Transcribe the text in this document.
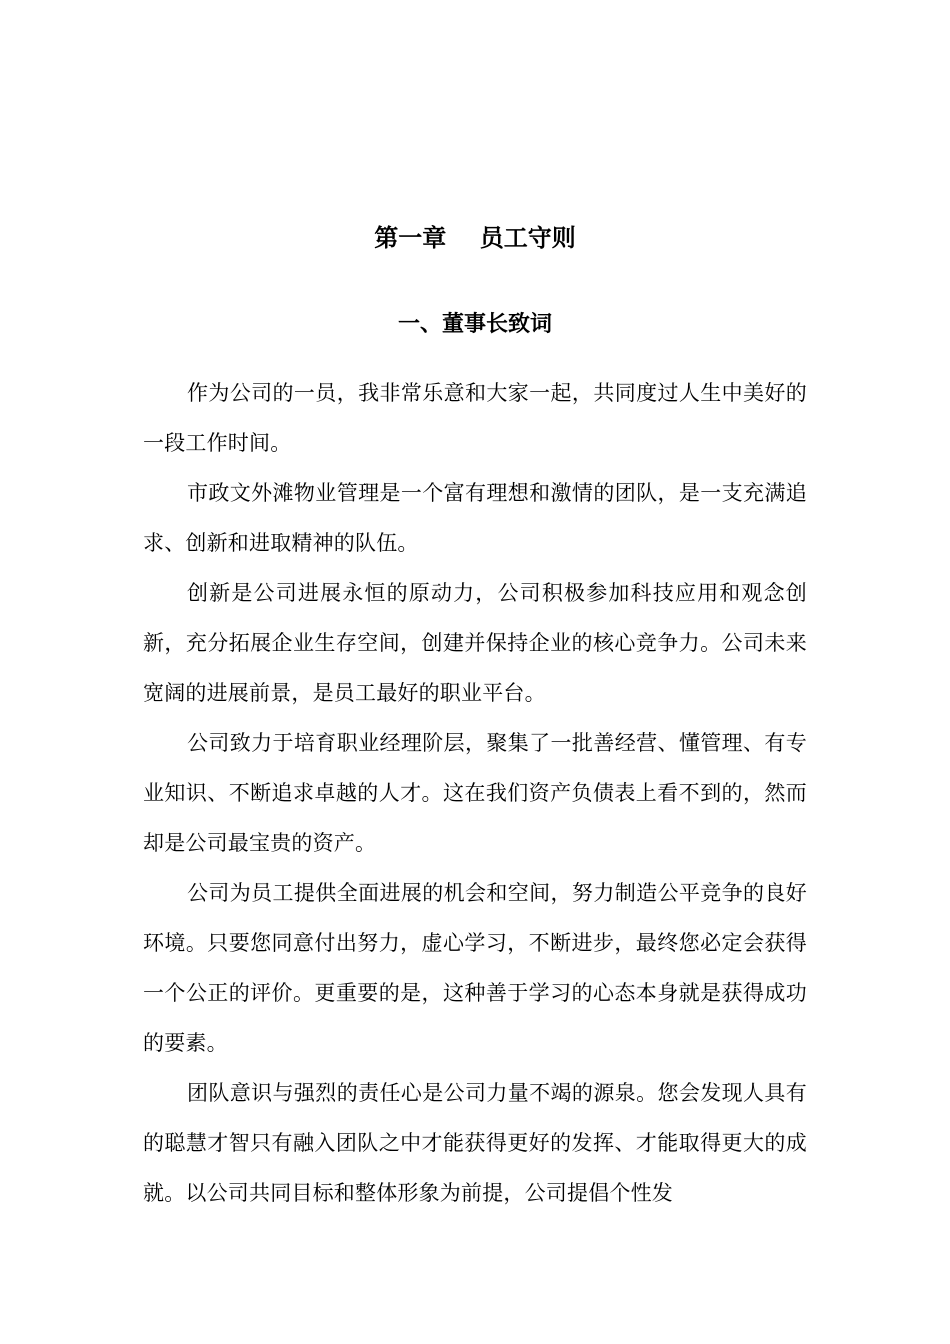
第一章    员工守则
一、董事长致词

作为公司的一员，我非常乐意和大家一起，共同度过人生中美好的一段工作时间。

市政文外滩物业管理是一个富有理想和激情的团队，是一支充满追求、创新和进取精神的队伍。

创新是公司进展永恒的原动力，公司积极参加科技应用和观念创新，充分拓展企业生存空间，创建并保持企业的核心竞争力。公司未来宽阔的进展前景，是员工最好的职业平台。

公司致力于培育职业经理阶层，聚集了一批善经营、懂管理、有专业知识、不断追求卓越的人才。这在我们资产负债表上看不到的，然而却是公司最宝贵的资产。

公司为员工提供全面进展的机会和空间，努力制造公平竞争的良好环境。只要您同意付出努力，虚心学习，不断进步，最终您必定会获得一个公正的评价。更重要的是，这种善于学习的心态本身就是获得成功的要素。

团队意识与强烈的责任心是公司力量不竭的源泉。您会发现人具有的聪慧才智只有融入团队之中才能获得更好的发挥、才能取得更大的成就。以公司共同目标和整体形象为前提，公司提倡个性发
